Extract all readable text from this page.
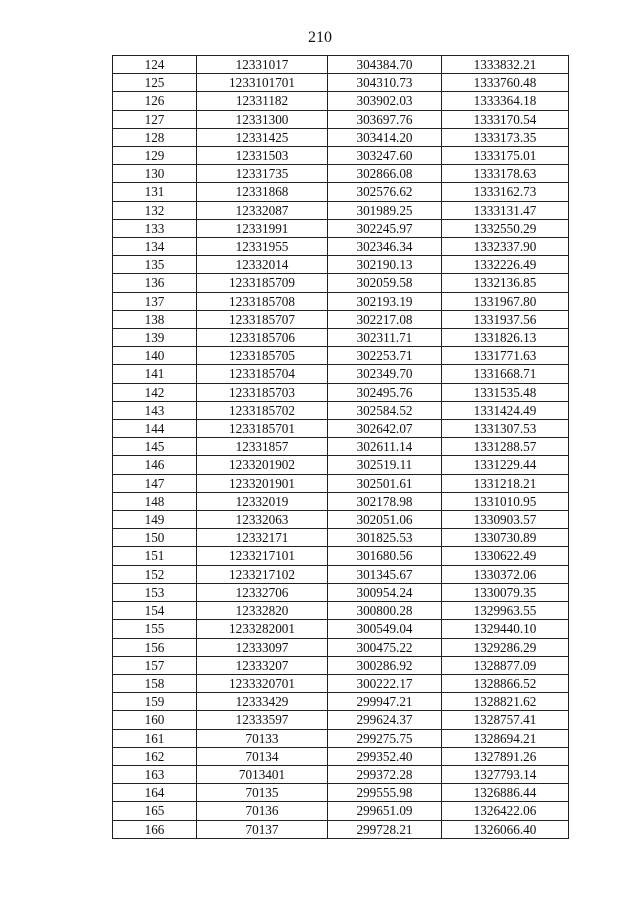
210
124	12331017	304384.70	1333832.21
125	1233101701	304310.73	1333760.48
126	12331182	303902.03	1333364.18
127	12331300	303697.76	1333170.54
128	12331425	303414.20	1333173.35
129	12331503	303247.60	1333175.01
130	12331735	302866.08	1333178.63
131	12331868	302576.62	1333162.73
132	12332087	301989.25	1333131.47
133	12331991	302245.97	1332550.29
134	12331955	302346.34	1332337.90
135	12332014	302190.13	1332226.49
136	1233185709	302059.58	1332136.85
137	1233185708	302193.19	1331967.80
138	1233185707	302217.08	1331937.56
139	1233185706	302311.71	1331826.13
140	1233185705	302253.71	1331771.63
141	1233185704	302349.70	1331668.71
142	1233185703	302495.76	1331535.48
143	1233185702	302584.52	1331424.49
144	1233185701	302642.07	1331307.53
145	12331857	302611.14	1331288.57
146	1233201902	302519.11	1331229.44
147	1233201901	302501.61	1331218.21
148	12332019	302178.98	1331010.95
149	12332063	302051.06	1330903.57
150	12332171	301825.53	1330730.89
151	1233217101	301680.56	1330622.49
152	1233217102	301345.67	1330372.06
153	12332706	300954.24	1330079.35
154	12332820	300800.28	1329963.55
155	1233282001	300549.04	1329440.10
156	12333097	300475.22	1329286.29
157	12333207	300286.92	1328877.09
158	1233320701	300222.17	1328866.52
159	12333429	299947.21	1328821.62
160	12333597	299624.37	1328757.41
161	70133	299275.75	1328694.21
162	70134	299352.40	1327891.26
163	7013401	299372.28	1327793.14
164	70135	299555.98	1326886.44
165	70136	299651.09	1326422.06
166	70137	299728.21	1326066.40
